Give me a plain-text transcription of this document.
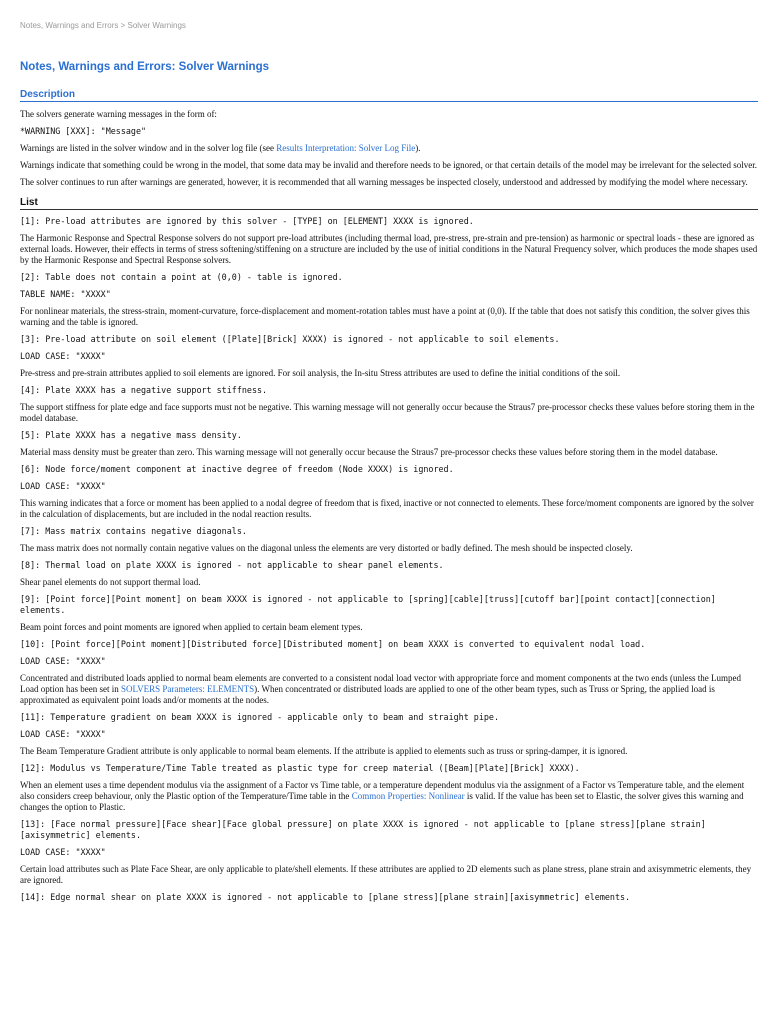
Notes, Warnings and Errors > Solver Warnings
Notes, Warnings and Errors: Solver Warnings
Description

The solvers generate warning messages in the form of:

*WARNING [XXX]: "Message"

Warnings are listed in the solver window and in the solver log file (see Results Interpretation: Solver Log File).

Warnings indicate that something could be wrong in the model, that some data may be invalid and therefore needs to be ignored, or that certain details of the model may be irrelevant for the selected solver.

The solver continues to run after warnings are generated, however, it is recommended that all warning messages be inspected closely, understood and addressed by modifying the model where necessary.

List
[1]: Pre-load attributes are ignored by this solver - [TYPE] on [ELEMENT] XXXX is ignored.

The Harmonic Response and Spectral Response solvers do not support pre-load attributes (including thermal load, pre-stress, pre-strain and pre-tension) as harmonic or spectral loads - these are ignored as external loads. However, their effects in terms of stress softening/stiffening on a structure are included by the use of initial conditions in the Natural Frequency solver, which produces the mode shapes used by the Harmonic Response and Spectral Response solvers.

[2]: Table does not contain a point at (0,0) - table is ignored.
TABLE NAME: "XXXX"

For nonlinear materials, the stress-strain, moment-curvature, force-displacement and moment-rotation tables must have a point at (0,0). If the table that does not satisfy this condition, the solver gives this warning and the table is ignored.

[3]: Pre-load attribute on soil element ([Plate][Brick] XXXX) is ignored - not applicable to soil elements.
LOAD CASE: "XXXX"

Pre-stress and pre-strain attributes applied to soil elements are ignored. For soil analysis, the In-situ Stress attributes are used to define the initial conditions of the soil.

[4]: Plate XXXX has a negative support stiffness.

The support stiffness for plate edge and face supports must not be negative. This warning message will not generally occur because the Straus7 pre-processor checks these values before storing them in the model database.

[5]: Plate XXXX has a negative mass density.

Material mass density must be greater than zero. This warning message will not generally occur because the Straus7 pre-processor checks these values before storing them in the model database.

[6]: Node force/moment component at inactive degree of freedom (Node XXXX) is ignored.
LOAD CASE: "XXXX"

This warning indicates that a force or moment has been applied to a nodal degree of freedom that is fixed, inactive or not connected to elements. These force/moment components are ignored by the solver in the calculation of displacements, but are included in the nodal reaction results.

[7]: Mass matrix contains negative diagonals.

The mass matrix does not normally contain negative values on the diagonal unless the elements are very distorted or badly defined. The mesh should be inspected closely.

[8]: Thermal load on plate XXXX is ignored - not applicable to shear panel elements.

Shear panel elements do not support thermal load.

[9]: [Point force][Point moment] on beam XXXX is ignored - not applicable to [spring][cable][truss][cutoff bar][point contact][connection] elements.

Beam point forces and point moments are ignored when applied to certain beam element types.

[10]: [Point force][Point moment][Distributed force][Distributed moment] on beam XXXX is converted to equivalent nodal load.
LOAD CASE: "XXXX"

Concentrated and distributed loads applied to normal beam elements are converted to a consistent nodal load vector with appropriate force and moment components at the two ends (unless the Lumped Load option has been set in SOLVERS Parameters: ELEMENTS). When concentrated or distributed loads are applied to one of the other beam types, such as Truss or Spring, the applied load is approximated as equivalent point loads and/or moments at the nodes.

[11]: Temperature gradient on beam XXXX is ignored - applicable only to beam and straight pipe.
LOAD CASE: "XXXX"

The Beam Temperature Gradient attribute is only applicable to normal beam elements. If the attribute is applied to elements such as truss or spring-damper, it is ignored.

[12]: Modulus vs Temperature/Time Table treated as plastic type for creep material ([Beam][Plate][Brick] XXXX).

When an element uses a time dependent modulus via the assignment of a Factor vs Time table, or a temperature dependent modulus via the assignment of a Factor vs Temperature table, and the element also considers creep behaviour, only the Plastic option of the Temperature/Time table in the Common Properties: Nonlinear is valid. If the value has been set to Elastic, the solver gives this warning and changes the option to Plastic.

[13]: [Face normal pressure][Face shear][Face global pressure] on plate XXXX is ignored - not applicable to [plane stress][plane strain][axisymmetric] elements.
LOAD CASE: "XXXX"

Certain load attributes such as Plate Face Shear, are only applicable to plate/shell elements. If these attributes are applied to 2D elements such as plane stress, plane strain and axisymmetric elements, they are ignored.

[14]: Edge normal shear on plate XXXX is ignored - not applicable to [plane stress][plane strain][axisymmetric] elements.
